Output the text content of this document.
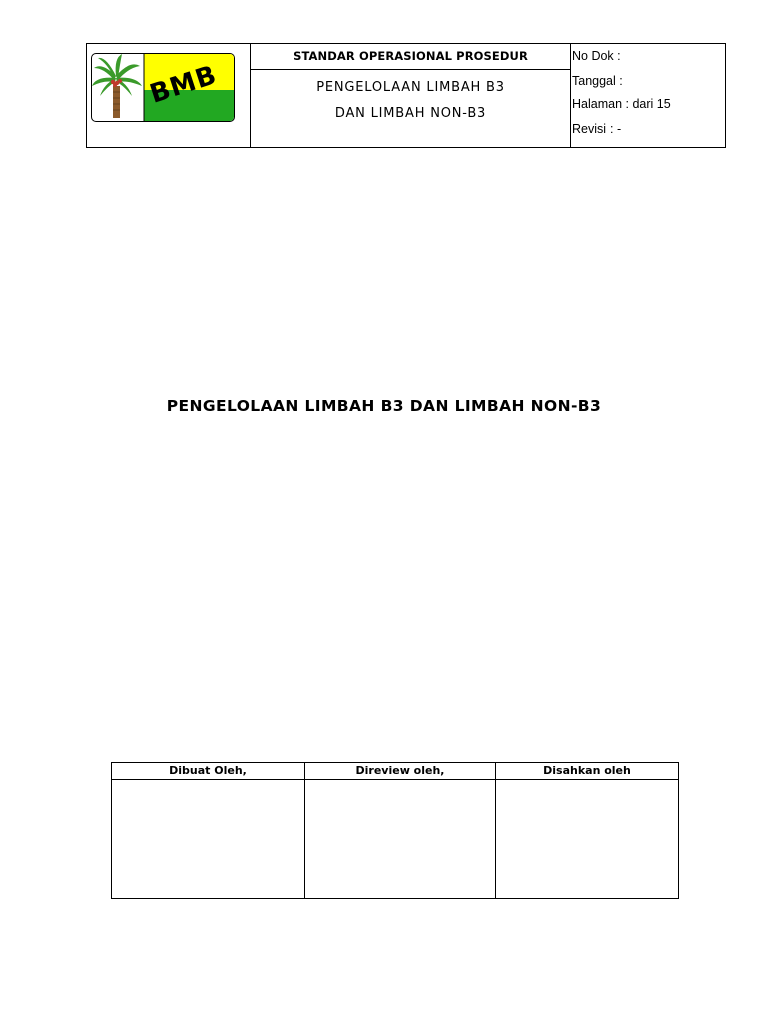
BMB
STANDAR OPERASIONAL PROSEDUR
PENGELOLAAN LIMBAH B3
DAN LIMBAH NON-B3
No Dok :
Tanggal :
Halaman : dari 15
Revisi : -
PENGELOLAAN LIMBAH B3 DAN LIMBAH NON-B3
Dibuat Oleh,	Direview oleh,	Disahkan oleh
